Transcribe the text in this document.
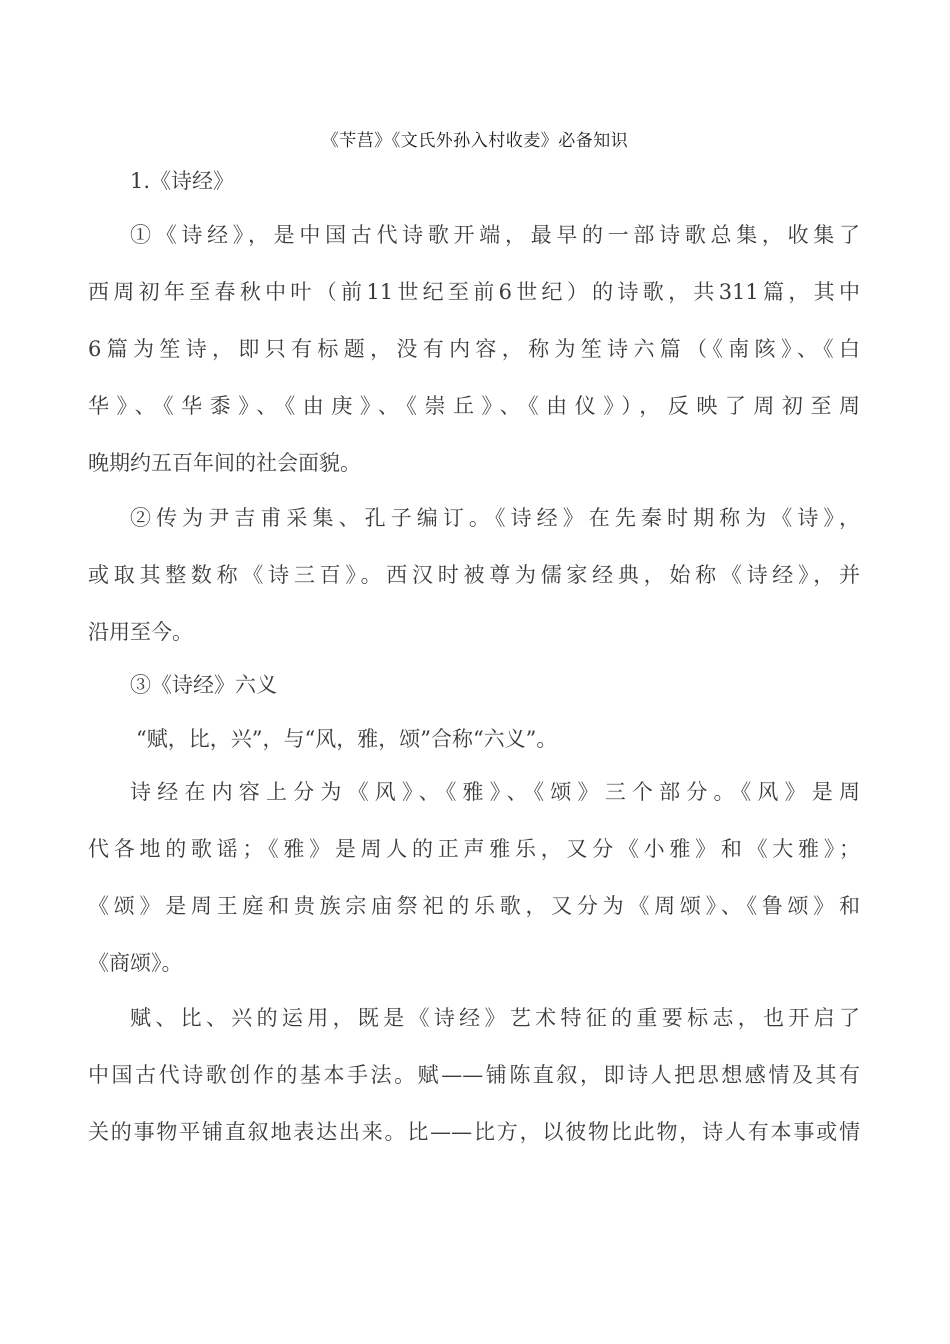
《苄莒》《文氏外孙入村收麦》必备知识
1.《诗经》
①《诗经》，是中国古代诗歌开端，最早的一部诗歌总集，收集了
西周初年至春秋中叶（前11世纪至前6世纪）的诗歌，共311篇，其中
6篇为笙诗，即只有标题，没有内容，称为笙诗六篇（《南陔》、《白
华》、《华黍》、《由庚》、《崇丘》、《由仪》），反映了周初至周
晚期约五百年间的社会面貌。
②传为尹吉甫采集、孔子编订。《诗经》在先秦时期称为《诗》，
或取其整数称《诗三百》。西汉时被尊为儒家经典，始称《诗经》，并
沿用至今。
③《诗经》六义
“赋，比，兴”，与“风，雅，颂”合称“六义”。
诗经在内容上分为《风》、《雅》、《颂》三个部分。《风》是周
代各地的歌谣；《雅》是周人的正声雅乐，又分《小雅》和《大雅》；
《颂》是周王庭和贵族宗庙祭祀的乐歌，又分为《周颂》、《鲁颂》和
《商颂》。
赋、比、兴的运用，既是《诗经》艺术特征的重要标志，也开启了
中国古代诗歌创作的基本手法。赋——铺陈直叙，即诗人把思想感情及其有
关的事物平铺直叙地表达出来。比——比方，以彼物比此物，诗人有本事或情
